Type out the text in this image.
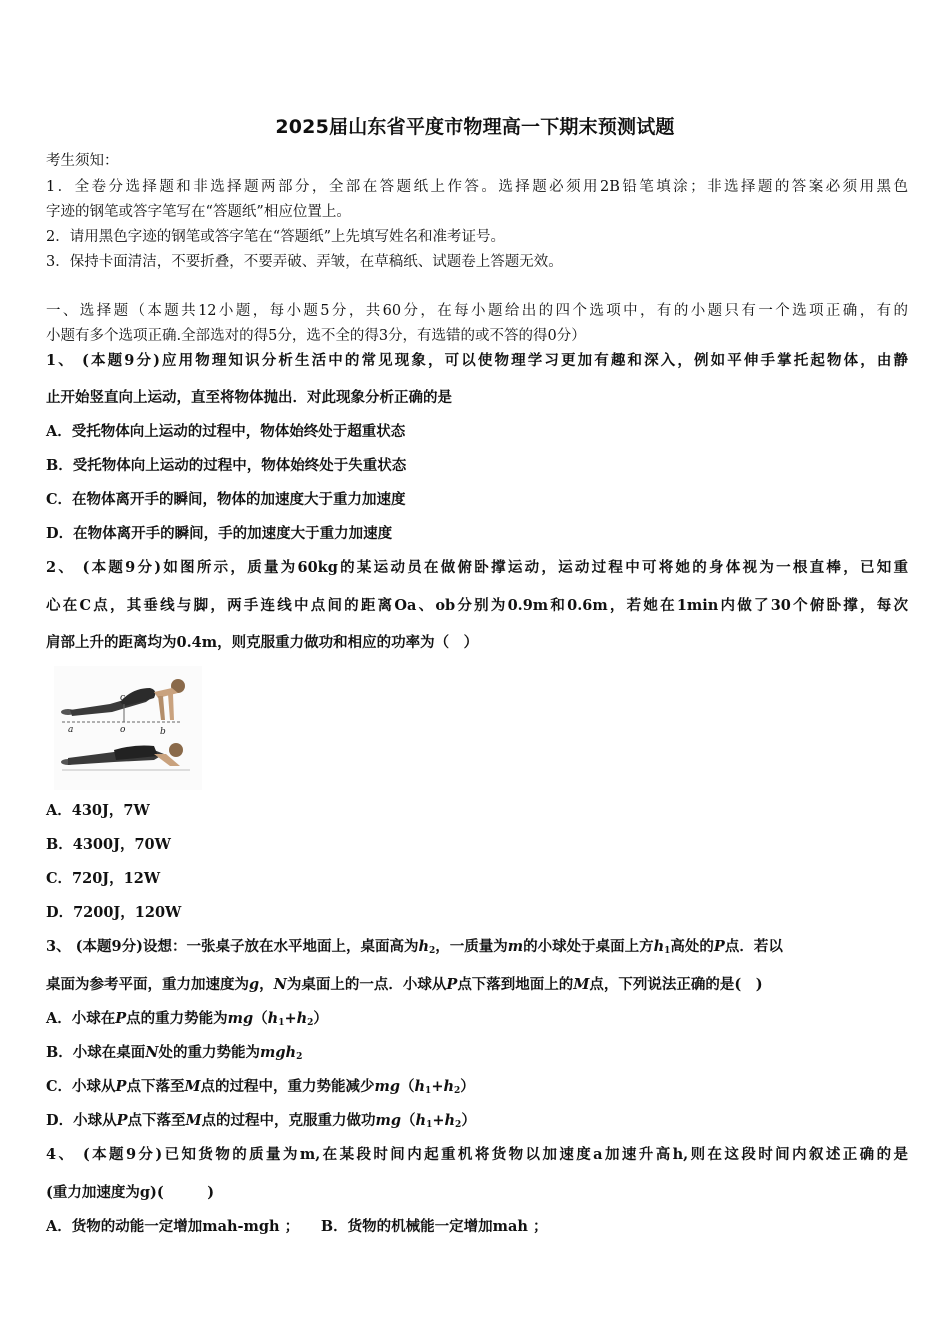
2025届山东省平度市物理高一下期末预测试题
考生须知：
1．全卷分选择题和非选择题两部分，全部在答题纸上作答。选择题必须用2B铅笔填涂；非选择题的答案必须用黑色
字迹的钢笔或答字笔写在“答题纸”相应位置上。
2．请用黑色字迹的钢笔或答字笔在“答题纸”上先填写姓名和准考证号。
3．保持卡面清洁，不要折叠，不要弄破、弄皱，在草稿纸、试题卷上答题无效。
一、选择题（本题共12小题，每小题5分，共60分，在每小题给出的四个选项中，有的小题只有一个选项正确，有的
小题有多个选项正确.全部选对的得5分，选不全的得3分，有选错的或不答的得0分）
1、 (本题9分)应用物理知识分析生活中的常见现象，可以使物理学习更加有趣和深入，例如平伸手掌托起物体，由静
止开始竖直向上运动，直至将物体抛出．对此现象分析正确的是
A．受托物体向上运动的过程中，物体始终处于超重状态
B．受托物体向上运动的过程中，物体始终处于失重状态
C．在物体离开手的瞬间，物体的加速度大于重力加速度
D．在物体离开手的瞬间，手的加速度大于重力加速度
2、 (本题9分)如图所示，质量为60kg的某运动员在做俯卧撑运动，运动过程中可将她的身体视为一根直棒，已知重
心在C点，其垂线与脚，两手连线中点间的距离Oa、ob分别为0.9m和0.6m，若她在1min内做了30个俯卧撑，每次
肩部上升的距离均为0.4m，则克服重力做功和相应的功率为（　）
c
a	o	b
A．430J，7W
B．4300J，70W
C．720J，12W
D．7200J，120W
3、 (本题9分)设想：一张桌子放在水平地面上，桌面高为$h_2$，一质量为m的小球处于桌面上方$h_1$高处的P点．若以
桌面为参考平面，重力加速度为g，N为桌面上的一点．小球从P点下落到地面上的M点，下列说法正确的是(　)
A．小球在P点的重力势能为$mg(h_1+h_2)$
B．小球在桌面N处的重力势能为mgh$_2$
C．小球从P点下落至M点的过程中，重力势能减少$mg(h_1+h_2)$
D．小球从P点下落至M点的过程中，克服重力做功$mg(h_1+h_2)$
4、 (本题9分)已知货物的质量为m,在某段时间内起重机将货物以加速度a加速升高h,则在这段时间内叙述正确的是
(重力加速度为g)(　　　)
A．货物的动能一定增加mah-mgh ；　　B．货物的机械能一定增加mah ；
